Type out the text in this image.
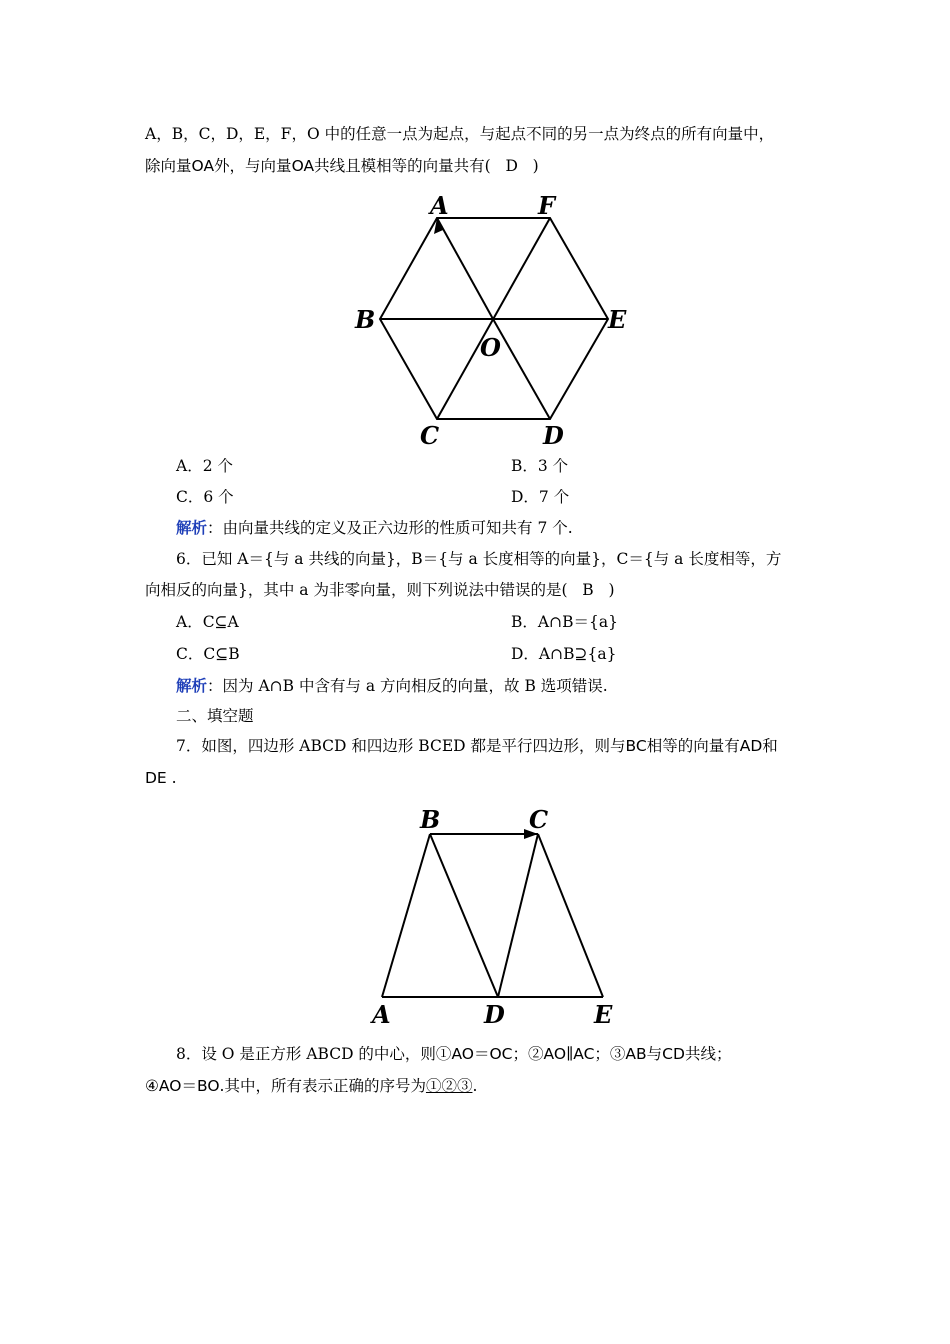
A，B，C，D，E，F，O 中的任意一点为起点，与起点不同的另一点为终点的所有向量中，
除向量OA外，与向量OA共线且模相等的向量共有( D )
A	F
B	E
O
C	D
A．2 个	B．3 个
C．6 个	D．7 个
解析：由向量共线的定义及正六边形的性质可知共有 7 个.
6．已知 A＝{与 a 共线的向量}，B＝{与 a 长度相等的向量}，C＝{与 a 长度相等，方
向相反的向量}，其中 a 为非零向量，则下列说法中错误的是( B )
A．C⊆A	B．A∩B＝{a}
C．C⊆B	D．A∩B⊇{a}
解析：因为 A∩B 中含有与 a 方向相反的向量，故 B 选项错误.
二、填空题
7．如图，四边形 ABCD 和四边形 BCED 都是平行四边形，则与BC相等的向量有AD和
DE .
B	C
A	D	E
8．设 O 是正方形 ABCD 的中心，则①AO＝OC；②AO∥AC；③AB与CD共线；
④AO＝BO.其中，所有表示正确的序号为①②③.
